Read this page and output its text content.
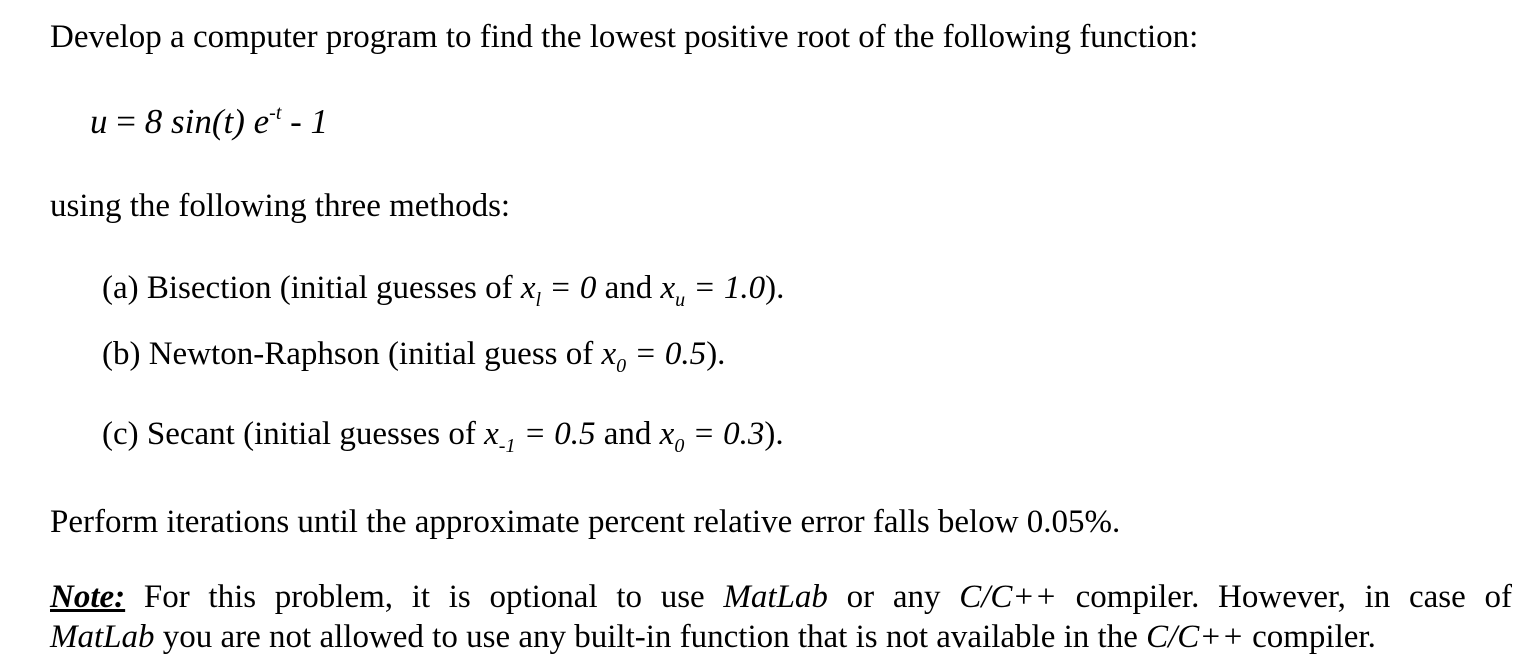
Develop a computer program to find the lowest positive root of the following function:
u = 8 sin(t) $e^{-t} - 1$
using the following three methods:
(a) Bisection (initial guesses of $x_l = 0$ and $x_u = 1.0$).
(b) Newton-Raphson (initial guess of $x_0 = 0.5$).
(c) Secant (initial guesses of $x_{-1} = 0.5$ and $x_0 = 0.3$).
Perform iterations until the approximate percent relative error falls below 0.05%.
Note: For this problem, it is optional to use MatLab or any C/C++ compiler. However, in case of
MatLab you are not allowed to use any built-in function that is not available in the C/C++ compiler.
